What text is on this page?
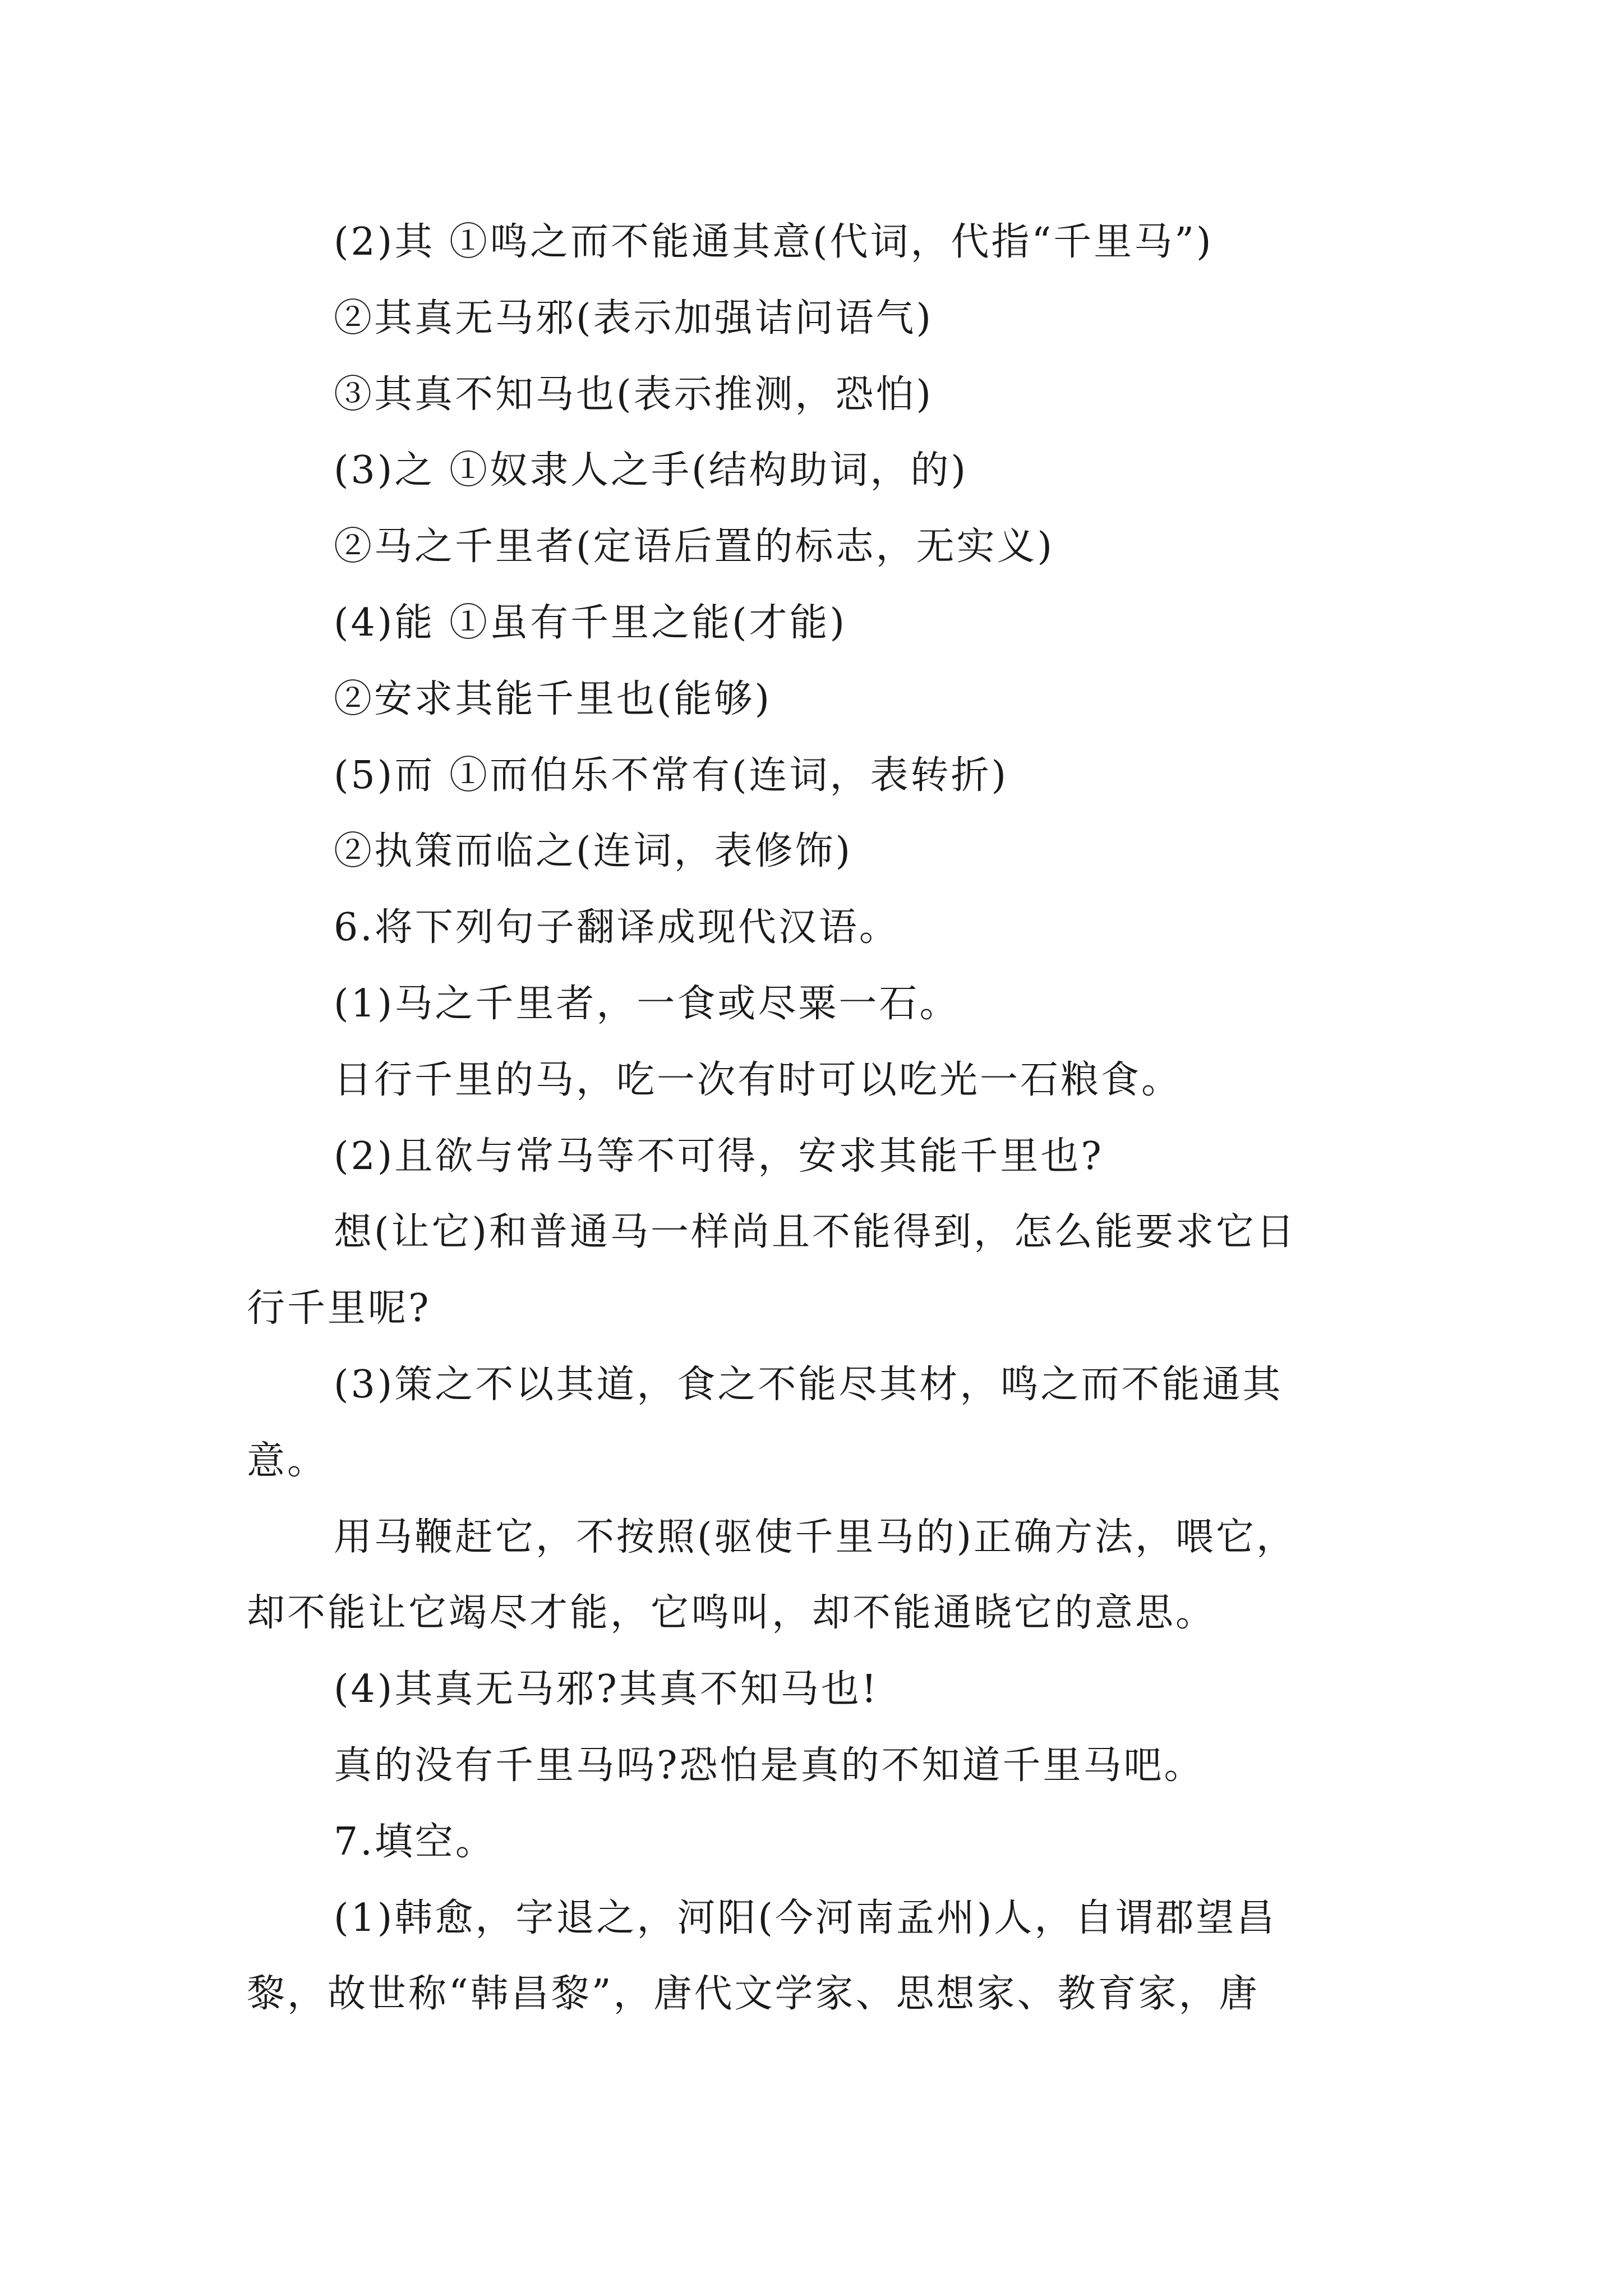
(2)其 ①鸣之而不能通其意(代词，代指“千里马”)
②其真无马邪(表示加强诘问语气)
③其真不知马也(表示推测，恐怕)
(3)之 ①奴隶人之手(结构助词，的)
②马之千里者(定语后置的标志，无实义)
(4)能 ①虽有千里之能(才能)
②安求其能千里也(能够)
(5)而 ①而伯乐不常有(连词，表转折)
②执策而临之(连词，表修饰)
6.将下列句子翻译成现代汉语。
(1)马之千里者，一食或尽粟一石。
日行千里的马，吃一次有时可以吃光一石粮食。
(2)且欲与常马等不可得，安求其能千里也?
想(让它)和普通马一样尚且不能得到，怎么能要求它日
行千里呢?
(3)策之不以其道，食之不能尽其材，鸣之而不能通其
意。
用马鞭赶它，不按照(驱使千里马的)正确方法，喂它，
却不能让它竭尽才能，它鸣叫，却不能通晓它的意思。
(4)其真无马邪?其真不知马也!
真的没有千里马吗?恐怕是真的不知道千里马吧。
7.填空。
(1)韩愈，字退之，河阳(今河南孟州)人，自谓郡望昌
黎，故世称“韩昌黎”，唐代文学家、思想家、教育家，唐
